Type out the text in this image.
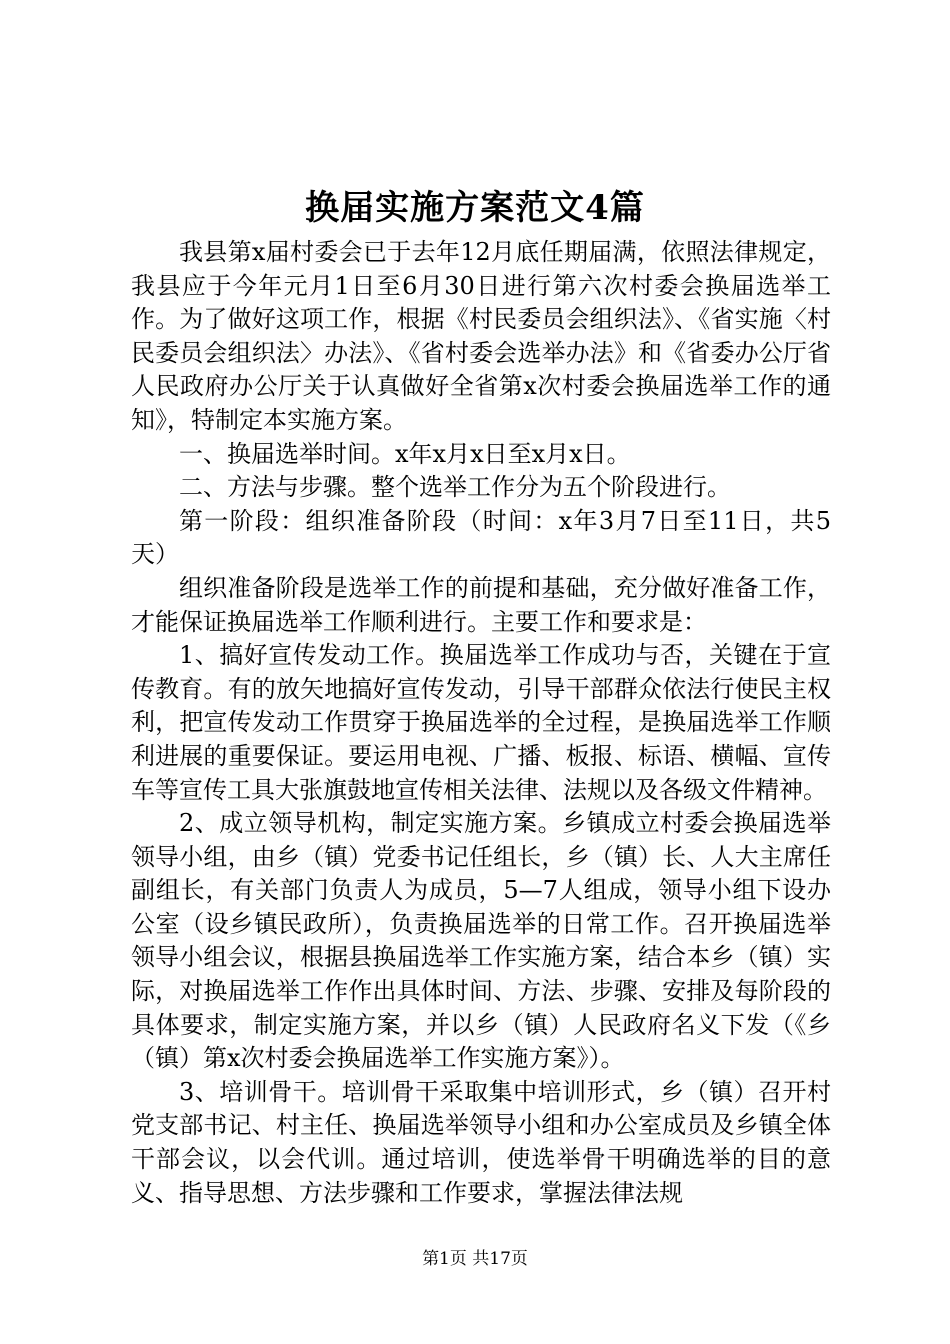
换届实施方案范文4篇

我县第x届村委会已于去年12月底任期届满，依照法律规定，我县应于今年元月1日至6月30日进行第六次村委会换届选举工作。为了做好这项工作，根据《村民委员会组织法》、《省实施〈村民委员会组织法〉办法》、《省村委会选举办法》和《省委办公厅省人民政府办公厅关于认真做好全省第x次村委会换届选举工作的通知》，特制定本实施方案。

一、换届选举时间。x年x月x日至x月x日。

二、方法与步骤。整个选举工作分为五个阶段进行。

第一阶段：组织准备阶段（时间：x年3月7日至11日，共5天）

组织准备阶段是选举工作的前提和基础，充分做好准备工作，才能保证换届选举工作顺利进行。主要工作和要求是：

1、搞好宣传发动工作。换届选举工作成功与否，关键在于宣传教育。有的放矢地搞好宣传发动，引导干部群众依法行使民主权利，把宣传发动工作贯穿于换届选举的全过程，是换届选举工作顺利进展的重要保证。要运用电视、广播、板报、标语、横幅、宣传车等宣传工具大张旗鼓地宣传相关法律、法规以及各级文件精神。

2、成立领导机构，制定实施方案。乡镇成立村委会换届选举领导小组，由乡（镇）党委书记任组长，乡（镇）长、人大主席任副组长，有关部门负责人为成员，5—7人组成，领导小组下设办公室（设乡镇民政所），负责换届选举的日常工作。召开换届选举领导小组会议，根据县换届选举工作实施方案，结合本乡（镇）实际，对换届选举工作作出具体时间、方法、步骤、安排及每阶段的具体要求，制定实施方案，并以乡（镇）人民政府名义下发（《乡（镇）第x次村委会换届选举工作实施方案》）。

3、培训骨干。培训骨干采取集中培训形式，乡（镇）召开村党支部书记、村主任、换届选举领导小组和办公室成员及乡镇全体干部会议，以会代训。通过培训，使选举骨干明确选举的目的意义、指导思想、方法步骤和工作要求，掌握法律法规

第1页 共17页
